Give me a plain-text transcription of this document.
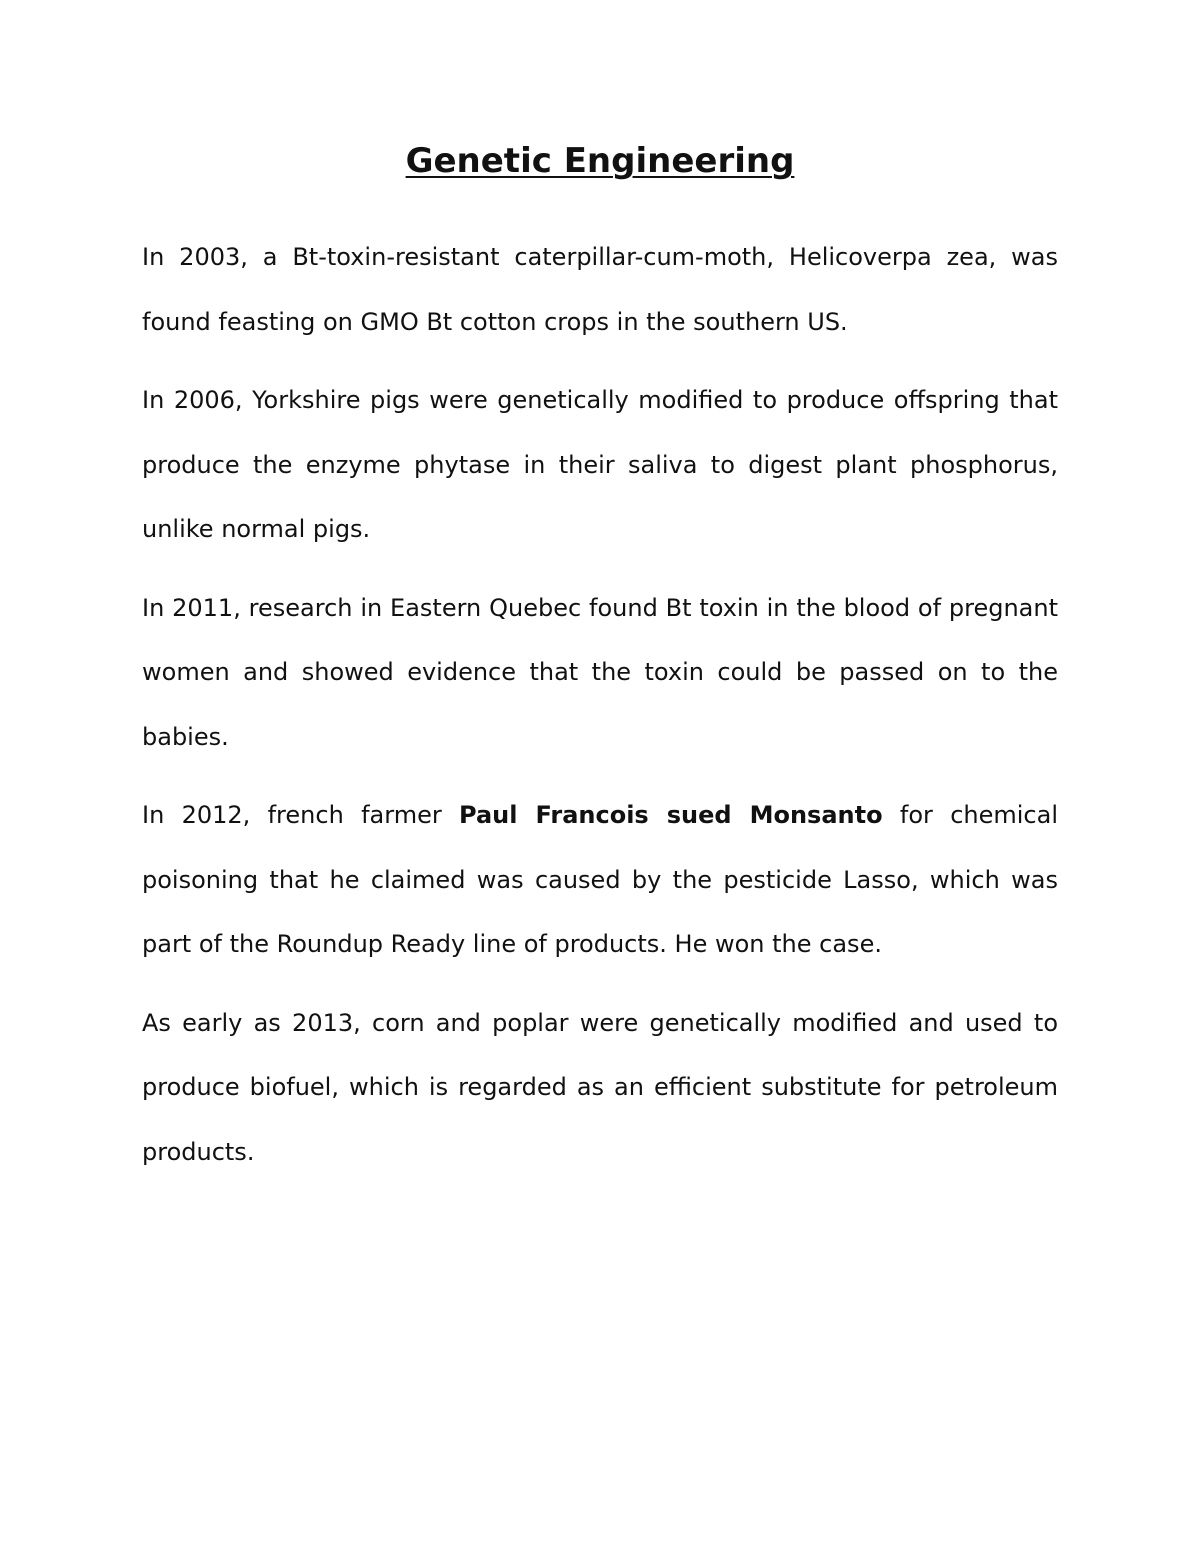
Genetic Engineering

In 2003, a Bt-toxin-resistant caterpillar-cum-moth, Helicoverpa zea, was found feasting on GMO Bt cotton crops in the southern US.

In 2006, Yorkshire pigs were genetically modified to produce offspring that produce the enzyme phytase in their saliva to digest plant phosphorus, unlike normal pigs.

In 2011, research in Eastern Quebec found Bt toxin in the blood of pregnant women and showed evidence that the toxin could be passed on to the babies.

In 2012, french farmer Paul Francois sued Monsanto for chemical poisoning that he claimed was caused by the pesticide Lasso, which was part of the Roundup Ready line of products. He won the case.

As early as 2013, corn and poplar were genetically modified and used to produce biofuel, which is regarded as an efficient substitute for petroleum products.
